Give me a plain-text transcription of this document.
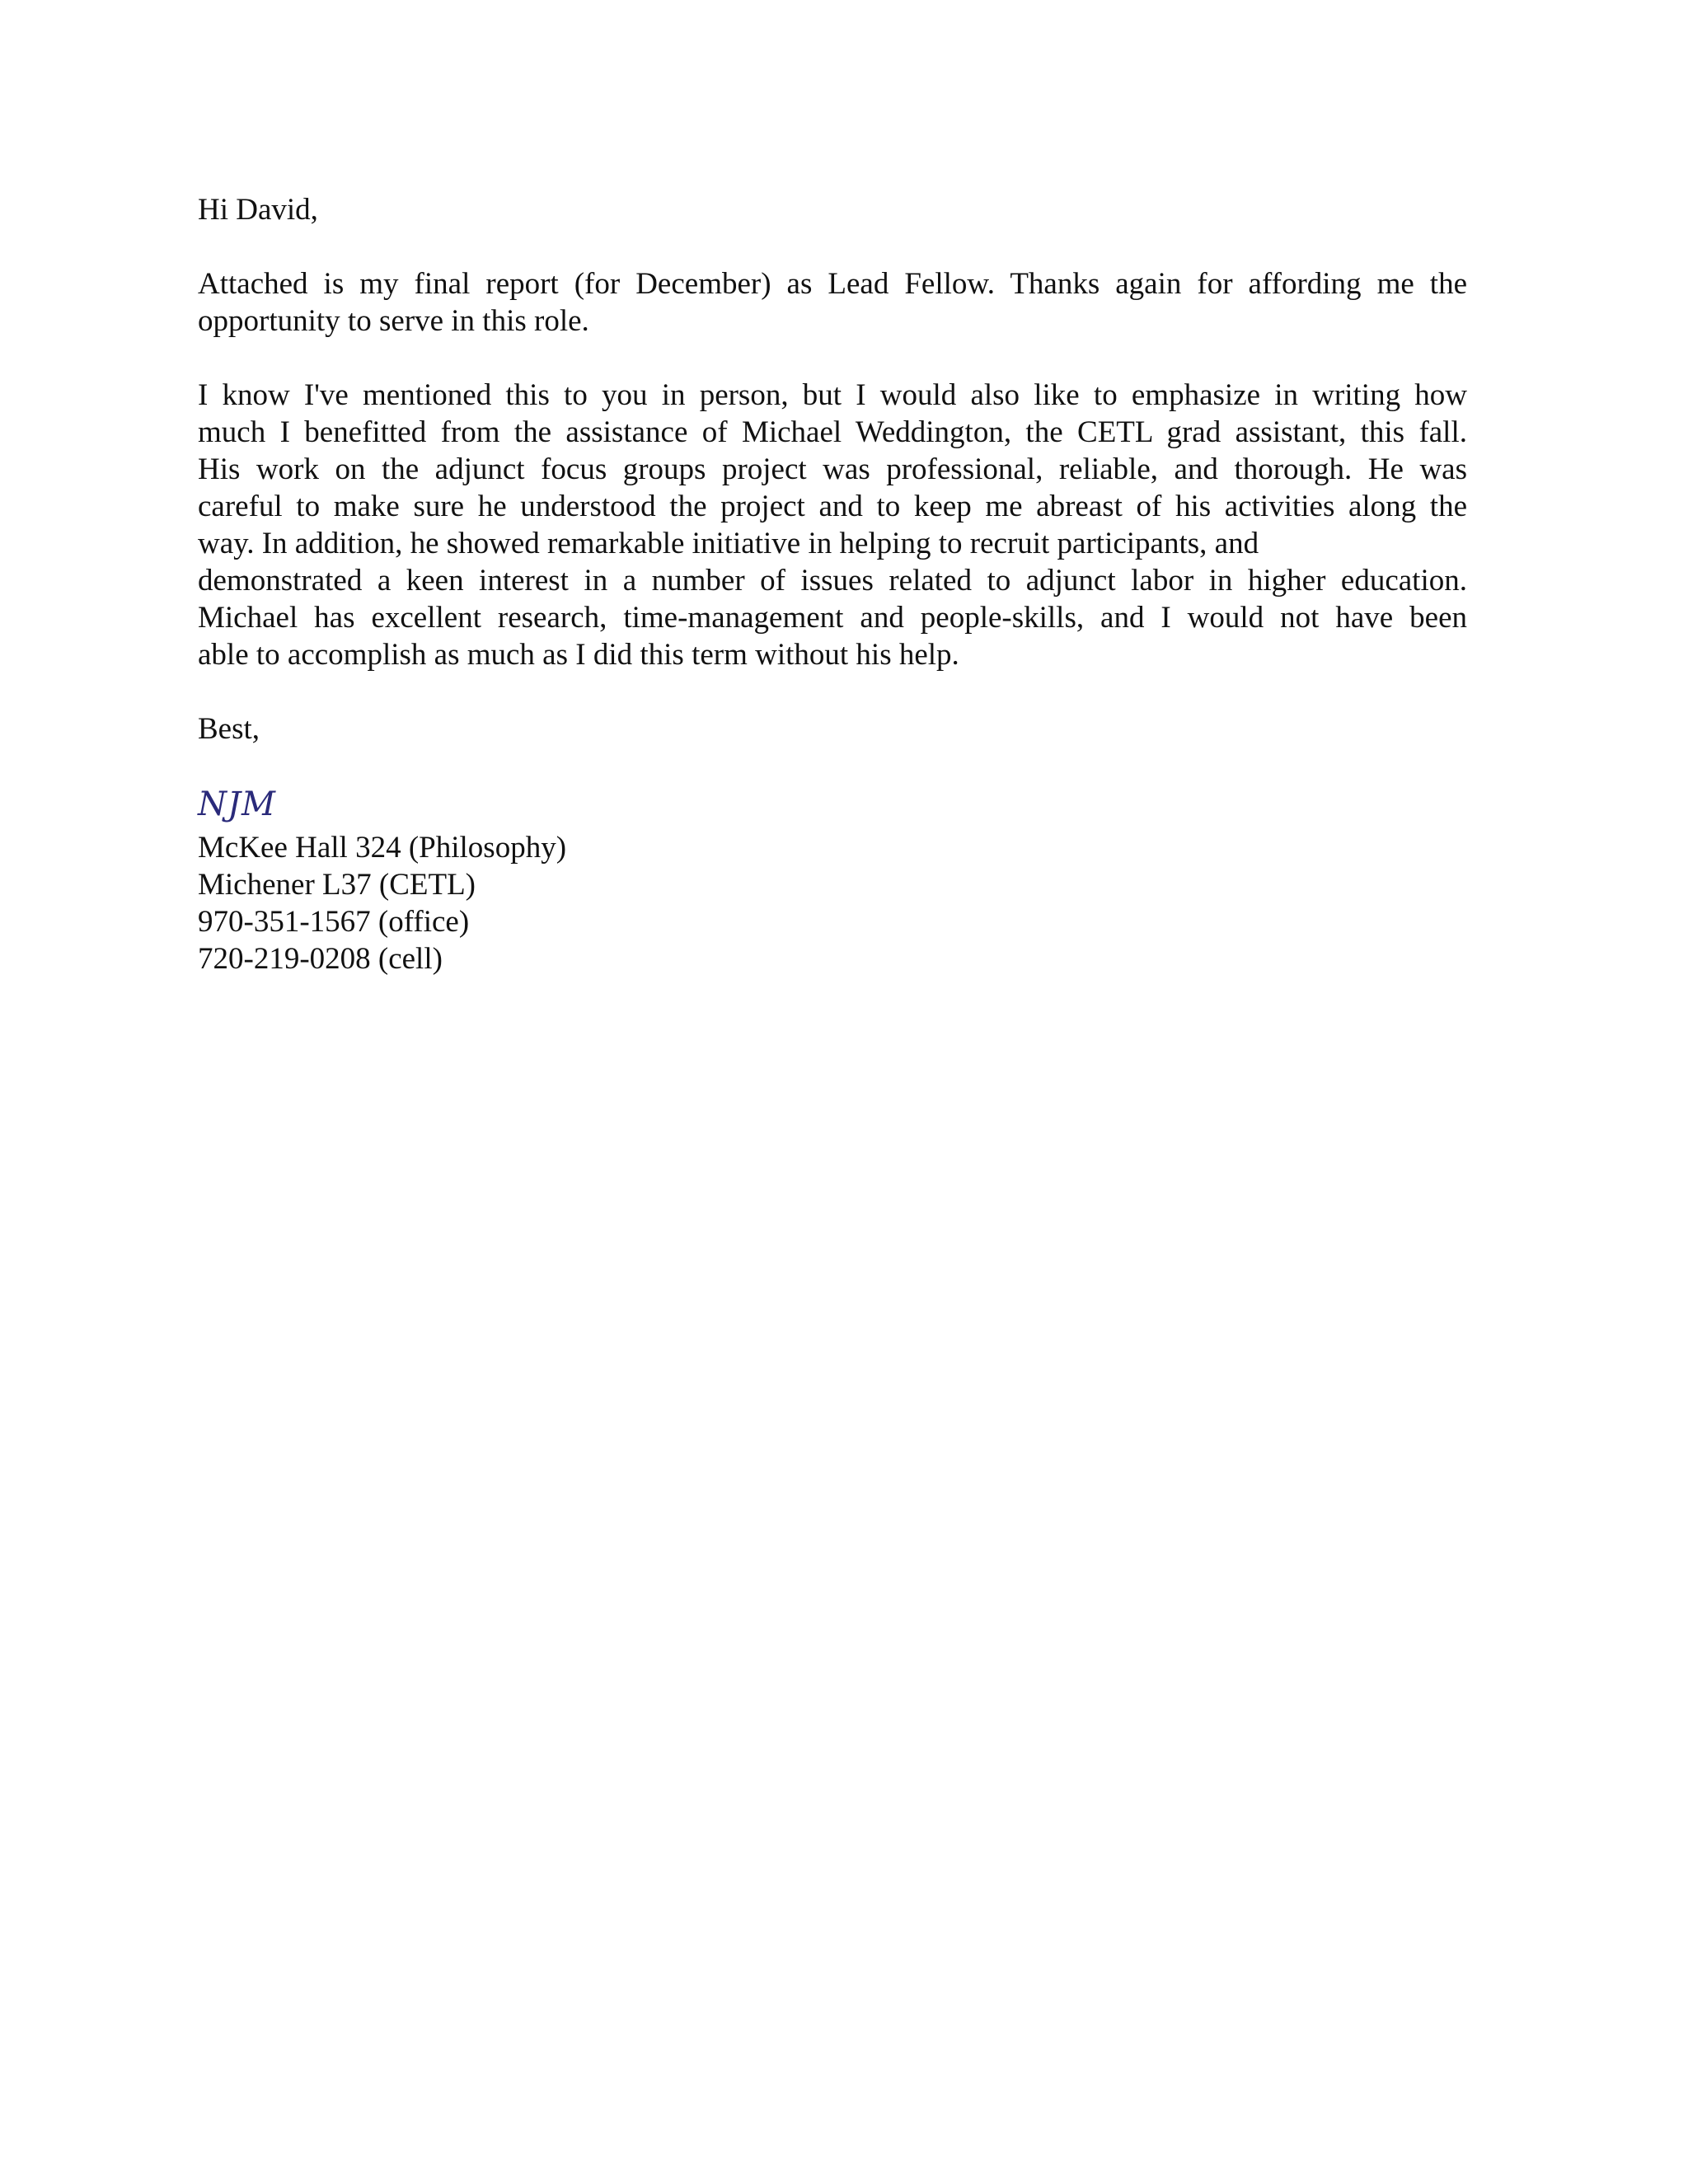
Hi David,

Attached is my final report (for December) as Lead Fellow. Thanks again for affording me the
opportunity to serve in this role.

I know I've mentioned this to you in person, but I would also like to emphasize in writing how
much I benefitted from the assistance of Michael Weddington, the CETL grad assistant, this fall.
His work on the adjunct focus groups project was professional, reliable, and thorough. He was
careful to make sure he understood the project and to keep me abreast of his activities along the
way. In addition, he showed remarkable initiative in helping to recruit participants, and
demonstrated a keen interest in a number of issues related to adjunct labor in higher education.
Michael has excellent research, time-management and people-skills, and I would not have been
able to accomplish as much as I did this term without his help.

Best,

NJM
McKee Hall 324 (Philosophy)
Michener L37 (CETL)
970-351-1567 (office)
720-219-0208 (cell)
